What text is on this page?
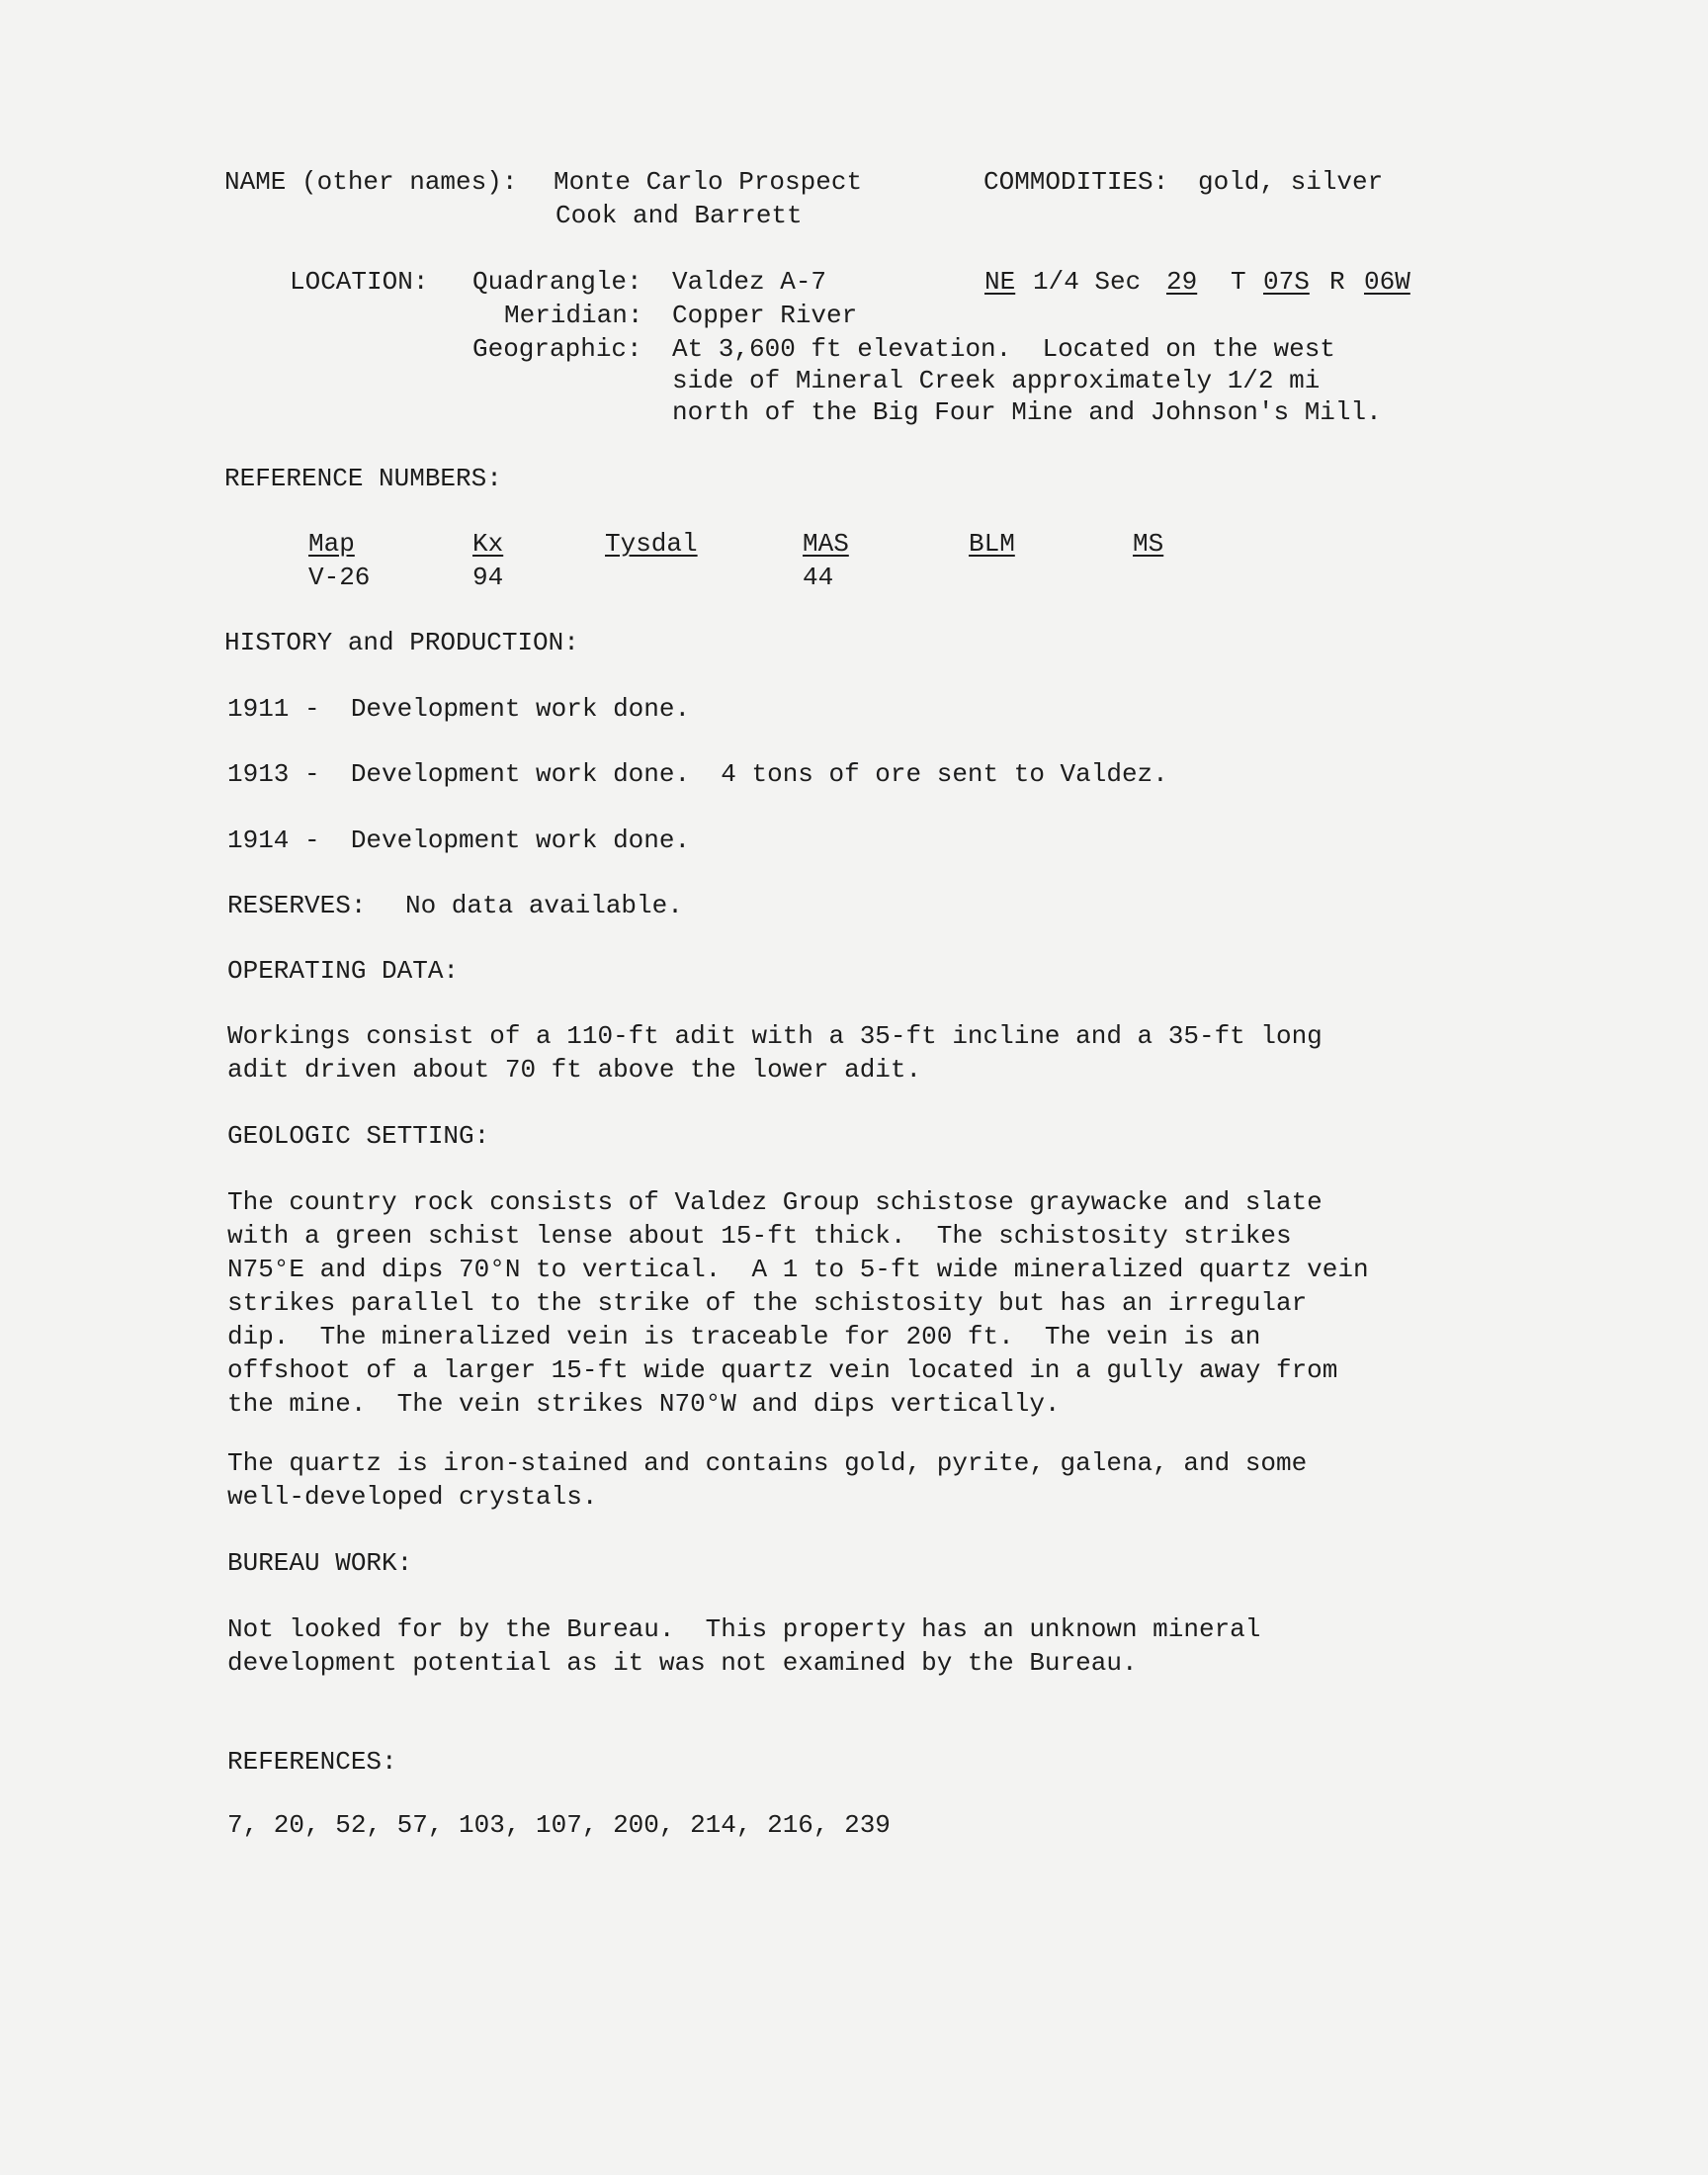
NAME (other names): Monte Carlo Prospect
Cook and Barrett
COMMODITIES: gold, silver
LOCATION: Quadrangle: Valdez A-7
Meridian: Copper River
Geographic: At 3,600 ft elevation.  Located on the west
side of Mineral Creek approximately 1/2 mi
north of the Big Four Mine and Johnson's Mill.
NE 1/4 Sec 29 T 07S R 06W
REFERENCE NUMBERS:
Map
V-26
Kx
94
Tysdal	MAS
44
BLM	MS
HISTORY and PRODUCTION:
1911 -  Development work done.
1913 -  Development work done.  4 tons of ore sent to Valdez.
1914 -  Development work done.
RESERVES: No data available.
OPERATING DATA:
Workings consist of a 110-ft adit with a 35-ft incline and a 35-ft long
adit driven about 70 ft above the lower adit.
GEOLOGIC SETTING:
The country rock consists of Valdez Group schistose graywacke and slate
with a green schist lense about 15-ft thick.  The schistosity strikes
N75°E and dips 70°N to vertical.  A 1 to 5-ft wide mineralized quartz vein
strikes parallel to the strike of the schistosity but has an irregular
dip.  The mineralized vein is traceable for 200 ft.  The vein is an
offshoot of a larger 15-ft wide quartz vein located in a gully away from
the mine.  The vein strikes N70°W and dips vertically.
The quartz is iron-stained and contains gold, pyrite, galena, and some
well-developed crystals.
BUREAU WORK:
Not looked for by the Bureau.  This property has an unknown mineral
development potential as it was not examined by the Bureau.
REFERENCES:
7, 20, 52, 57, 103, 107, 200, 214, 216, 239
